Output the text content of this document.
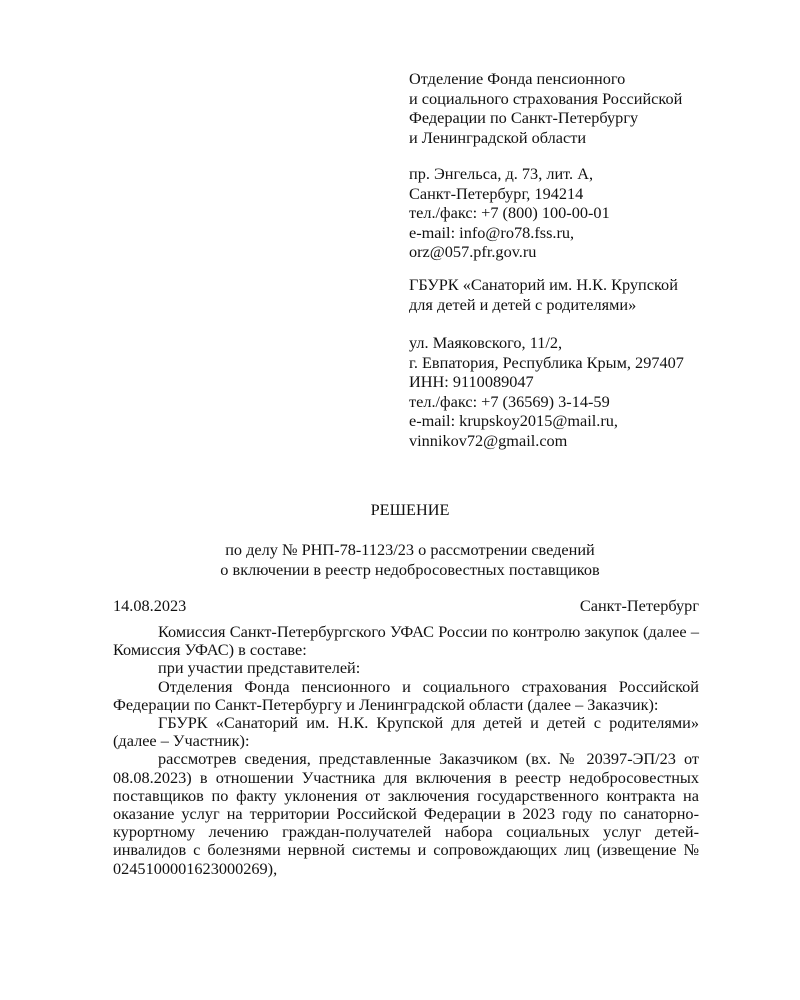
Отделение Фонда пенсионного
и социального страхования Российской
Федерации по Санкт-Петербургу
и Ленинградской области
пр. Энгельса, д. 73, лит. А,
Санкт-Петербург, 194214
тел./факс: +7 (800) 100-00-01
e-mail: info@ro78.fss.ru,
orz@057.pfr.gov.ru
ГБУРК «Санаторий им. Н.К. Крупской
для детей и детей с родителями»
ул. Маяковского, 11/2,
г. Евпатория, Республика Крым, 297407
ИНН: 9110089047
тел./факс: +7 (36569) 3-14-59
e-mail: krupskoy2015@mail.ru,
vinnikov72@gmail.com
РЕШЕНИЕ
по делу № РНП-78-1123/23 о рассмотрении сведений
о включении в реестр недобросовестных поставщиков
14.08.2023	Санкт-Петербург

Комиссия Санкт-Петербургского УФАС России по контролю закупок (далее – Комиссия УФАС) в составе:

при участии представителей:

Отделения Фонда пенсионного и социального страхования Российской Федерации по Санкт-Петербургу и Ленинградской области (далее – Заказчик):

ГБУРК «Санаторий им. Н.К. Крупской для детей и детей с родителями» (далее – Участник):

рассмотрев сведения, представленные Заказчиком (вх. № 20397-ЭП/23 от 08.08.2023) в отношении Участника для включения в реестр недобросовестных поставщиков по факту уклонения от заключения государственного контракта на оказание услуг на территории Российской Федерации в 2023 году по санаторно-курортному лечению граждан-получателей набора социальных услуг детей-инвалидов с болезнями нервной системы и сопровождающих лиц (извещение № 0245100001623000269),
